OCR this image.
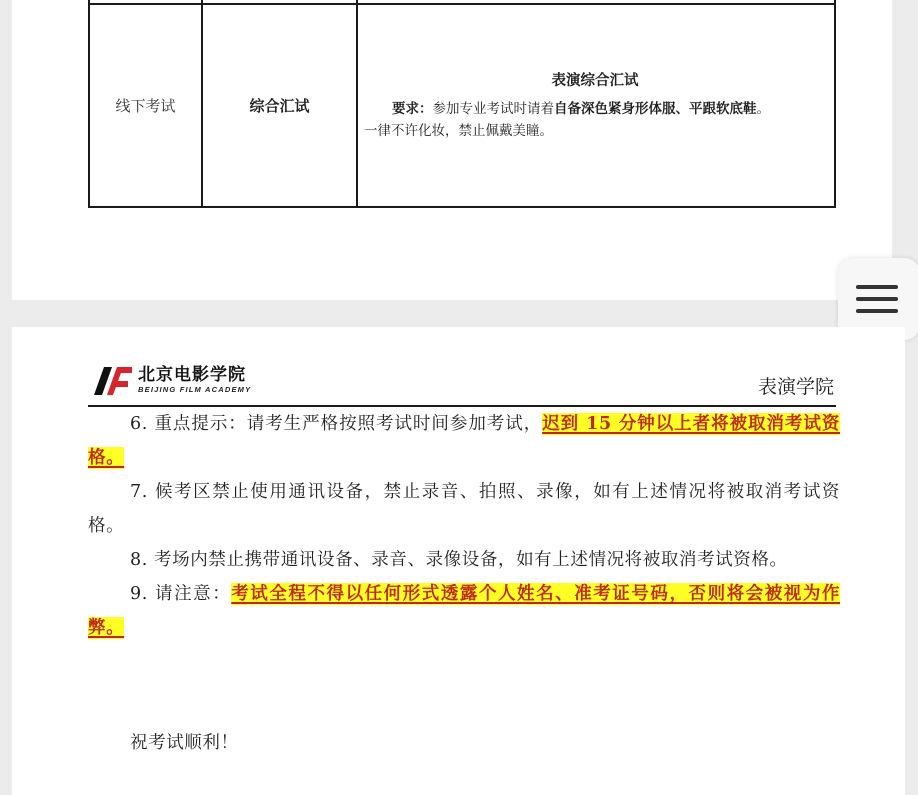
线下考试	综合汇试	表演综合汇试
要求：参加专业考试时请着自备深色紧身形体服、平跟软底鞋。
一律不许化妆，禁止佩戴美瞳。
北京电影学院
BEIJING FILM ACADEMY	表演学院

6. 重点提示：请考生严格按照考试时间参加考试，迟到 15 分钟以上者将被取消考试资格。

7. 候考区禁止使用通讯设备，禁止录音、拍照、录像，如有上述情况将被取消考试资格。

8. 考场内禁止携带通讯设备、录音、录像设备，如有上述情况将被取消考试资格。

9. 请注意：考试全程不得以任何形式透露个人姓名、准考证号码，否则将会被视为作弊。

祝考试顺利！
